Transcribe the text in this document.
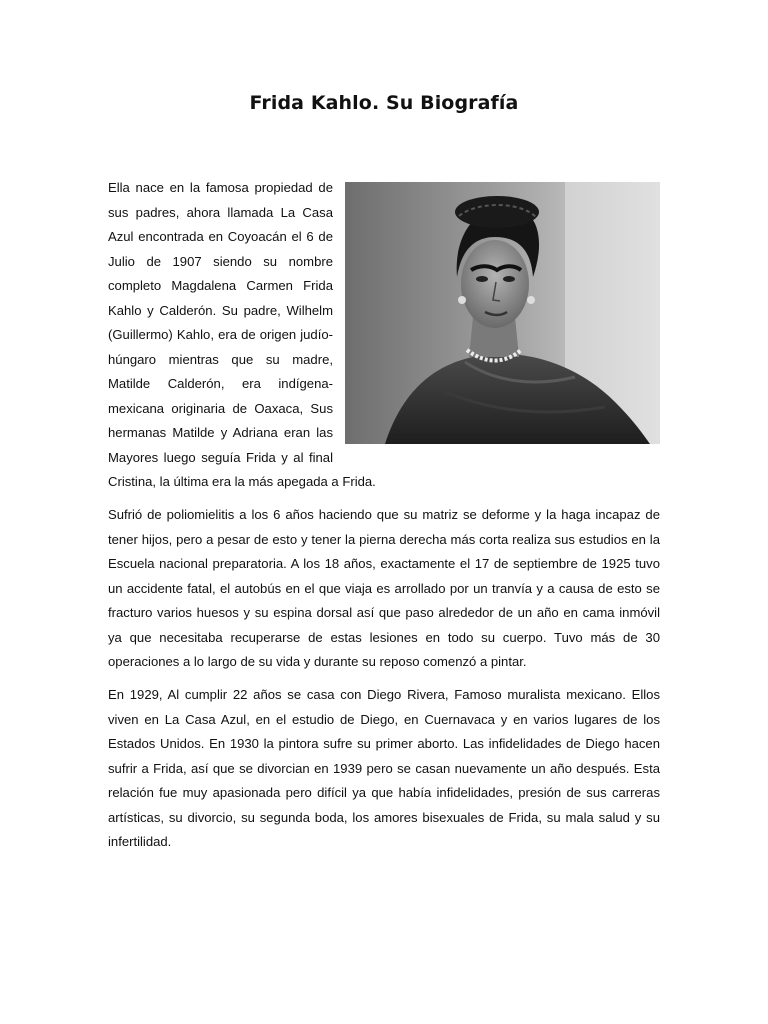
Frida Kahlo. Su Biografía

Ella nace en la famosa propiedad de sus padres, ahora llamada La Casa Azul encontrada en Coyoacán el 6 de Julio de 1907 siendo su nombre completo Magdalena Carmen Frida Kahlo y Calderón. Su padre, Wilhelm (Guillermo) Kahlo, era de origen judío-húngaro mientras que su madre, Matilde Calderón, era indígena-mexicana originaria de Oaxaca, Sus hermanas Matilde y Adriana eran las Mayores luego seguía Frida y al final Cristina, la última era la más apegada a Frida.

Sufrió de poliomielitis a los 6 años haciendo que su matriz se deforme y la haga incapaz de tener hijos, pero a pesar de esto y tener la pierna derecha más corta realiza sus estudios en la Escuela nacional preparatoria. A los 18 años, exactamente el 17 de septiembre de 1925 tuvo un accidente fatal, el autobús en el que viaja es arrollado por un tranvía y a causa de esto se fracturo varios huesos y su espina dorsal así que paso alrededor de un año en cama inmóvil ya que necesitaba recuperarse de estas lesiones en todo su cuerpo. Tuvo más de 30 operaciones a lo largo de su vida y durante su reposo comenzó a pintar.

En 1929, Al cumplir 22 años se casa con Diego Rivera, Famoso muralista mexicano. Ellos viven en La Casa Azul, en el estudio de Diego, en Cuernavaca y en varios lugares de los Estados Unidos. En 1930 la pintora sufre su primer aborto. Las infidelidades de Diego hacen sufrir a Frida, así que se divorcian en 1939 pero se casan nuevamente un año después. Esta relación fue muy apasionada pero difícil ya que había infidelidades, presión de sus carreras artísticas, su divorcio, su segunda boda, los amores bisexuales de Frida, su mala salud y su infertilidad.
